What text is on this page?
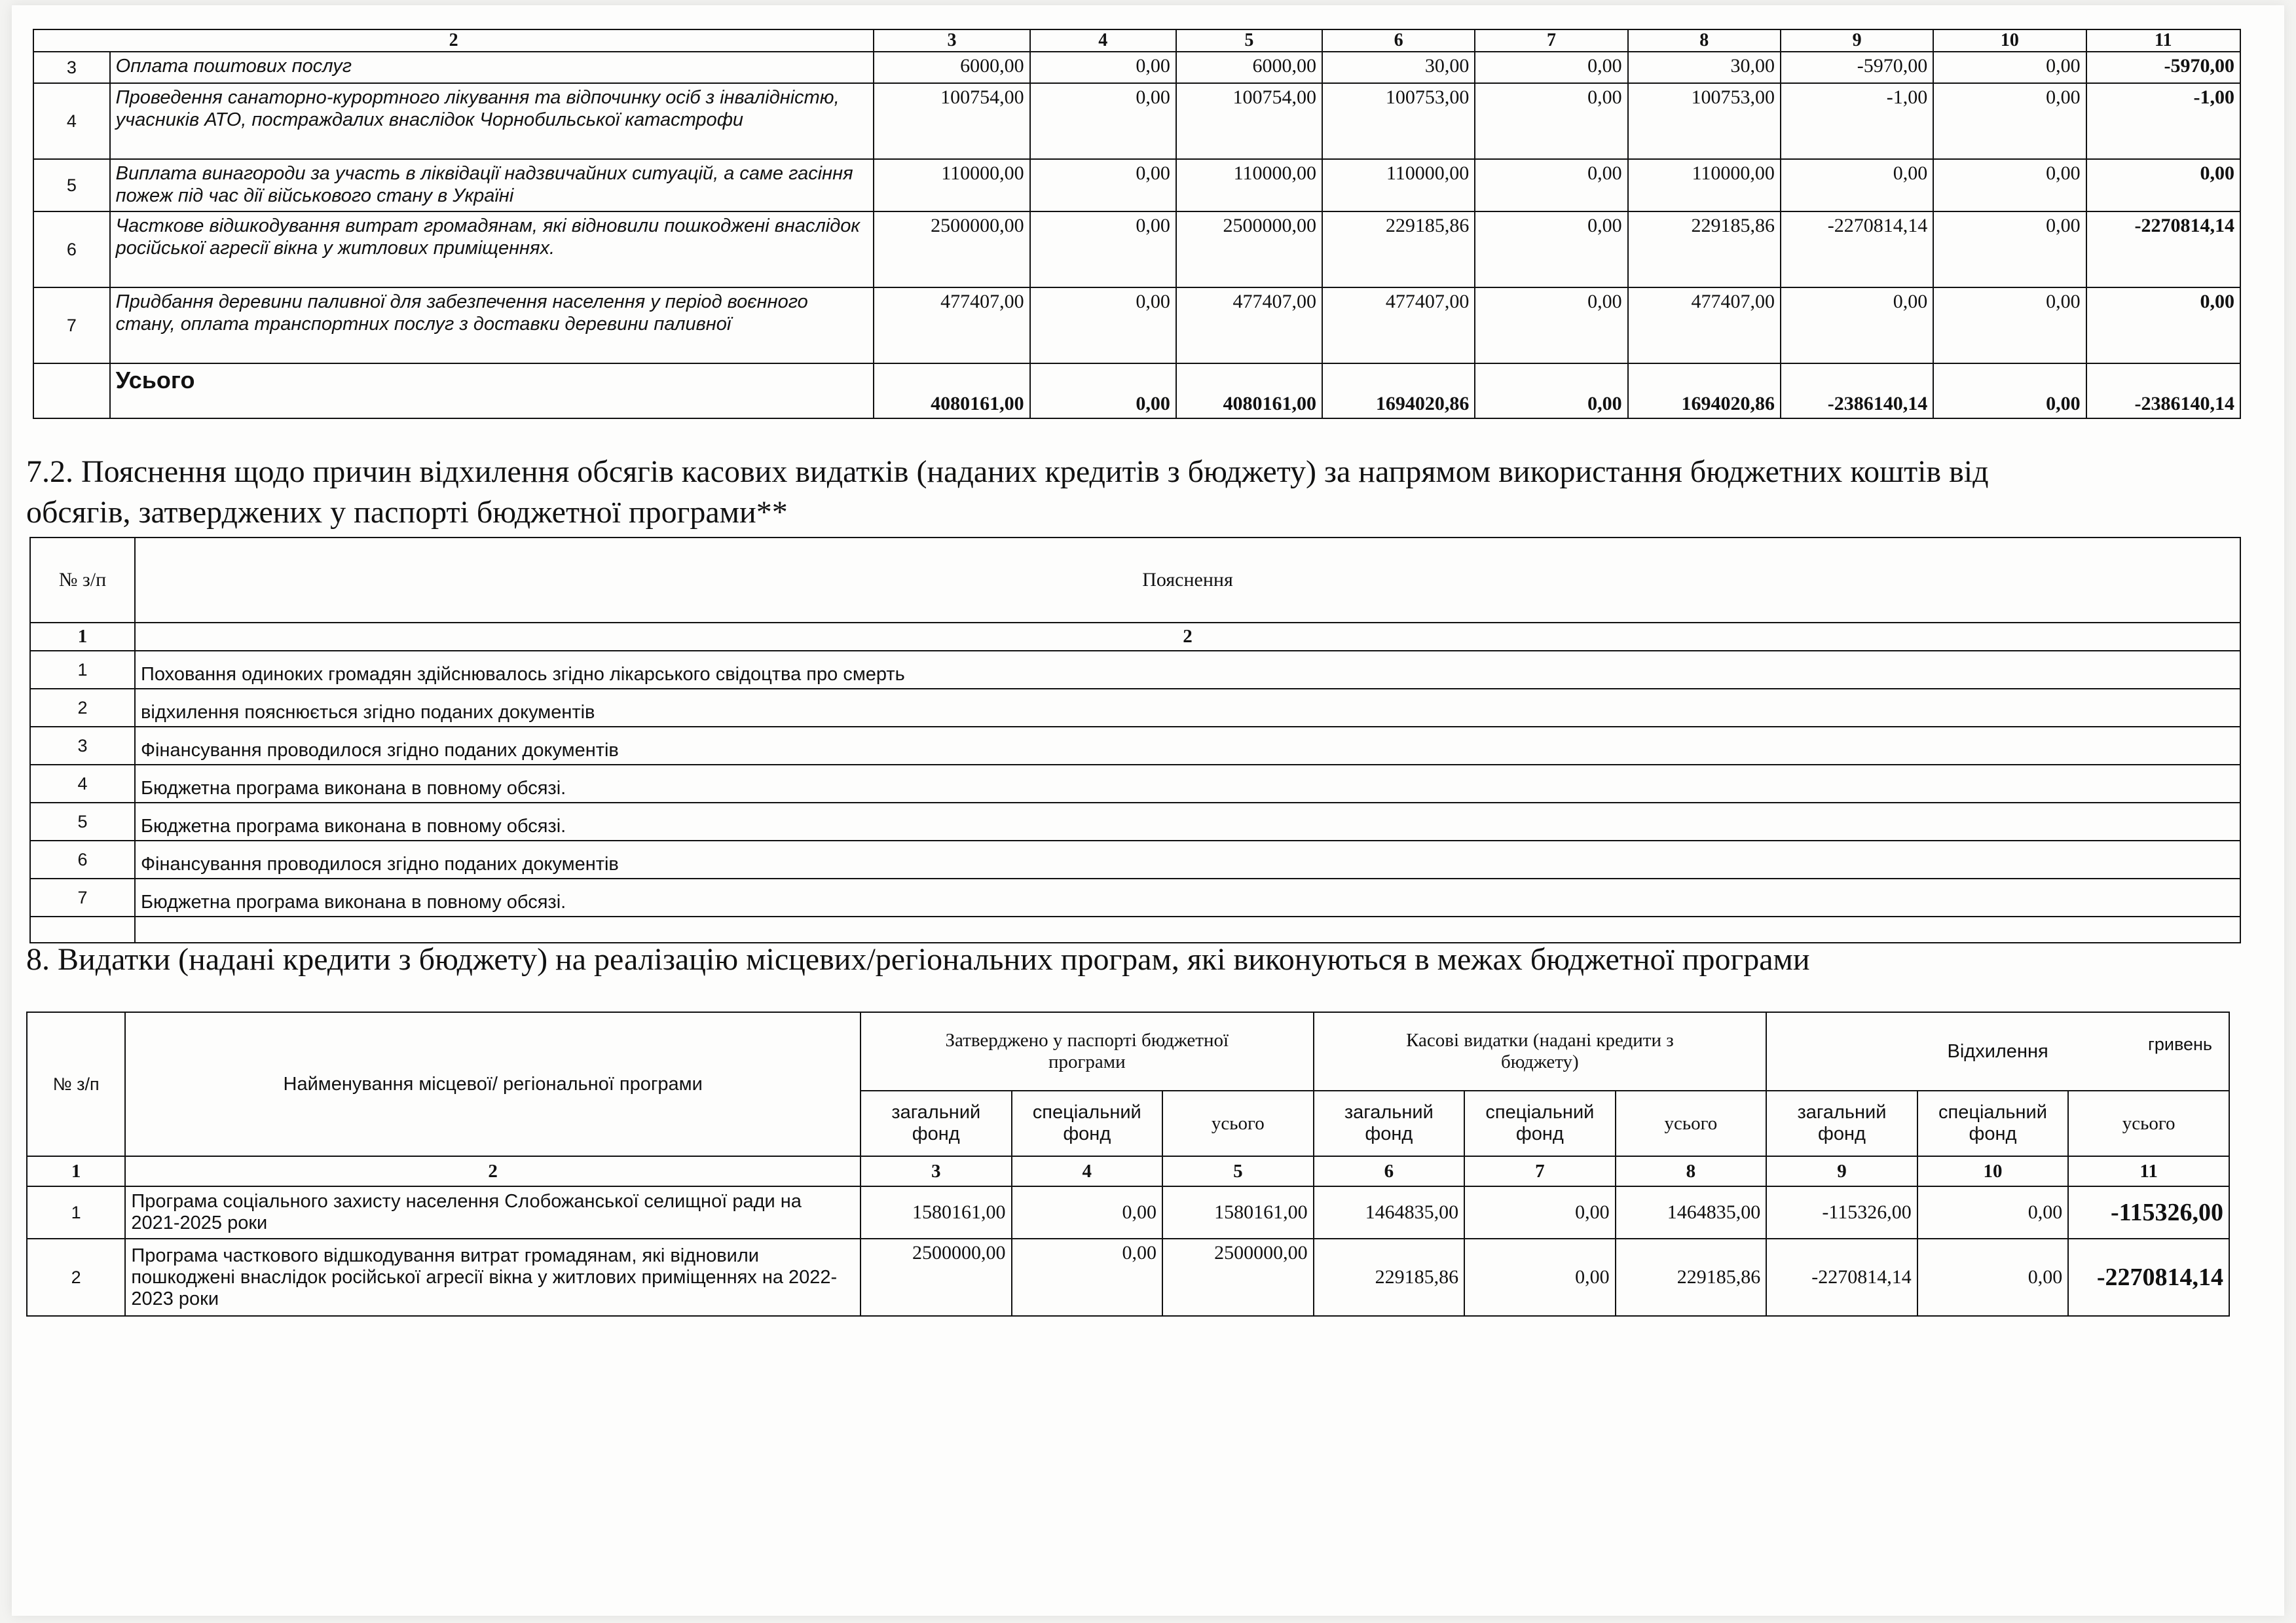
2		3	4	5	6	7	8	9	10	11
3	Оплата поштових послуг	6000,00	0,00	6000,00	30,00	0,00	30,00	-5970,00	0,00	-5970,00
4	Проведення санаторно-курортного лікування та відпочинку осіб з інвалідністю, учасників АТО, постраждалих внаслідок Чорнобильської катастрофи	100754,00	0,00	100754,00	100753,00	0,00	100753,00	-1,00	0,00	-1,00
5	Виплата винагороди за участь в ліквідації надзвичайних ситуацій, а саме гасіння пожеж під час дії військового стану в Україні	110000,00	0,00	110000,00	110000,00	0,00	110000,00	0,00	0,00	0,00
6	Часткове відшкодування витрат громадянам, які відновили пошкоджені внаслідок російської агресії вікна у житлових приміщеннях.	2500000,00	0,00	2500000,00	229185,86	0,00	229185,86	-2270814,14	0,00	-2270814,14
7	Придбання деревини паливної для забезпечення населення у період воєнного стану, оплата транспортних послуг з доставки деревини паливної	477407,00	0,00	477407,00	477407,00	0,00	477407,00	0,00	0,00	0,00
	Усього	4080161,00	0,00	4080161,00	1694020,86	0,00	1694020,86	-2386140,14	0,00	-2386140,14
7.2. Пояснення щодо причин відхилення обсягів касових видатків (наданих кредитів з бюджету) за напрямом використання бюджетних коштів від
обсягів, затверджених у паспорті бюджетної програми**
№ з/п	Пояснення
1	2
1	Поховання одиноких громадян здійснювалось згідно лікарського свідоцтва про смерть
2	відхилення пояснюється згідно поданих документів
3	Фінансування проводилося згідно поданих документів
4	Бюджетна програма виконана в повному обсязі.
5	Бюджетна програма виконана в повному обсязі.
6	Фінансування проводилося згідно поданих документів
7	Бюджетна програма виконана в повному обсязі.

8. Видатки (надані кредити з бюджету) на реалізацію місцевих/регіональних програм, які виконуються в межах бюджетної програми
гривень
№ з/п	Найменування місцевої/ регіональної програми	Затверджено у паспорті бюджетної програми			Касові видатки (надані кредити з бюджету)			Відхилення		
		загальний фонд	спеціальний фонд	усього	загальний фонд	спеціальний фонд	усього	загальний фонд	спеціальний фонд	усього
1	2	3	4	5	6	7	8	9	10	11
1	Програма соціального захисту населення Слобожанської селищної ради на 2021-2025 роки	1580161,00	0,00	1580161,00	1464835,00	0,00	1464835,00	-115326,00	0,00	-115326,00
2	Програма часткового відшкодування витрат громадянам, які відновили пошкоджені внаслідок російської агресії вікна у житлових приміщеннях на 2022-2023 роки	2500000,00	0,00	2500000,00	229185,86	0,00	229185,86	-2270814,14	0,00	-2270814,14
